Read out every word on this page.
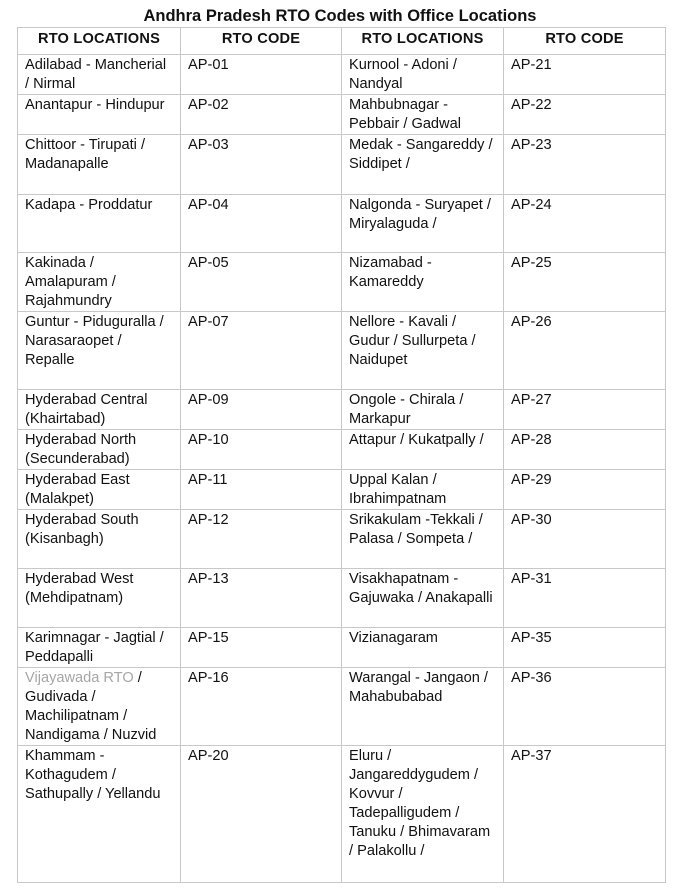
Andhra Pradesh RTO Codes with Office Locations
RTO LOCATIONS	RTO CODE	RTO LOCATIONS	RTO CODE
Adilabad - Mancherial / Nirmal	AP-01	Kurnool - Adoni / Nandyal	AP-21
Anantapur - Hindupur	AP-02	Mahbubnagar - Pebbair / Gadwal	AP-22
Chittoor - Tirupati / Madanapalle	AP-03	Medak - Sangareddy / Siddipet /	AP-23
Kadapa - Proddatur	AP-04	Nalgonda - Suryapet / Miryalaguda /	AP-24
Kakinada / Amalapuram / Rajahmundry	AP-05	Nizamabad - Kamareddy	AP-25
Guntur - Piduguralla / Narasaraopet / Repalle	AP-07	Nellore - Kavali / Gudur / Sullurpeta / Naidupet	AP-26
Hyderabad Central (Khairtabad)	AP-09	Ongole - Chirala / Markapur	AP-27
Hyderabad North (Secunderabad)	AP-10	Attapur / Kukatpally /	AP-28
Hyderabad East (Malakpet)	AP-11	Uppal Kalan / Ibrahimpatnam	AP-29
Hyderabad South (Kisanbagh)	AP-12	Srikakulam -Tekkali / Palasa / Sompeta /	AP-30
Hyderabad West (Mehdipatnam)	AP-13	Visakhapatnam - Gajuwaka / Anakapalli	AP-31
Karimnagar - Jagtial / Peddapalli	AP-15	Vizianagaram	AP-35
Vijayawada RTO / Gudivada / Machilipatnam / Nandigama / Nuzvid	AP-16	Warangal - Jangaon / Mahabubabad	AP-36
Khammam - Kothagudem / Sathupally / Yellandu	AP-20	Eluru / Jangareddygudem / Kovvur / Tadepalligudem / Tanuku / Bhimavaram / Palakollu /	AP-37
